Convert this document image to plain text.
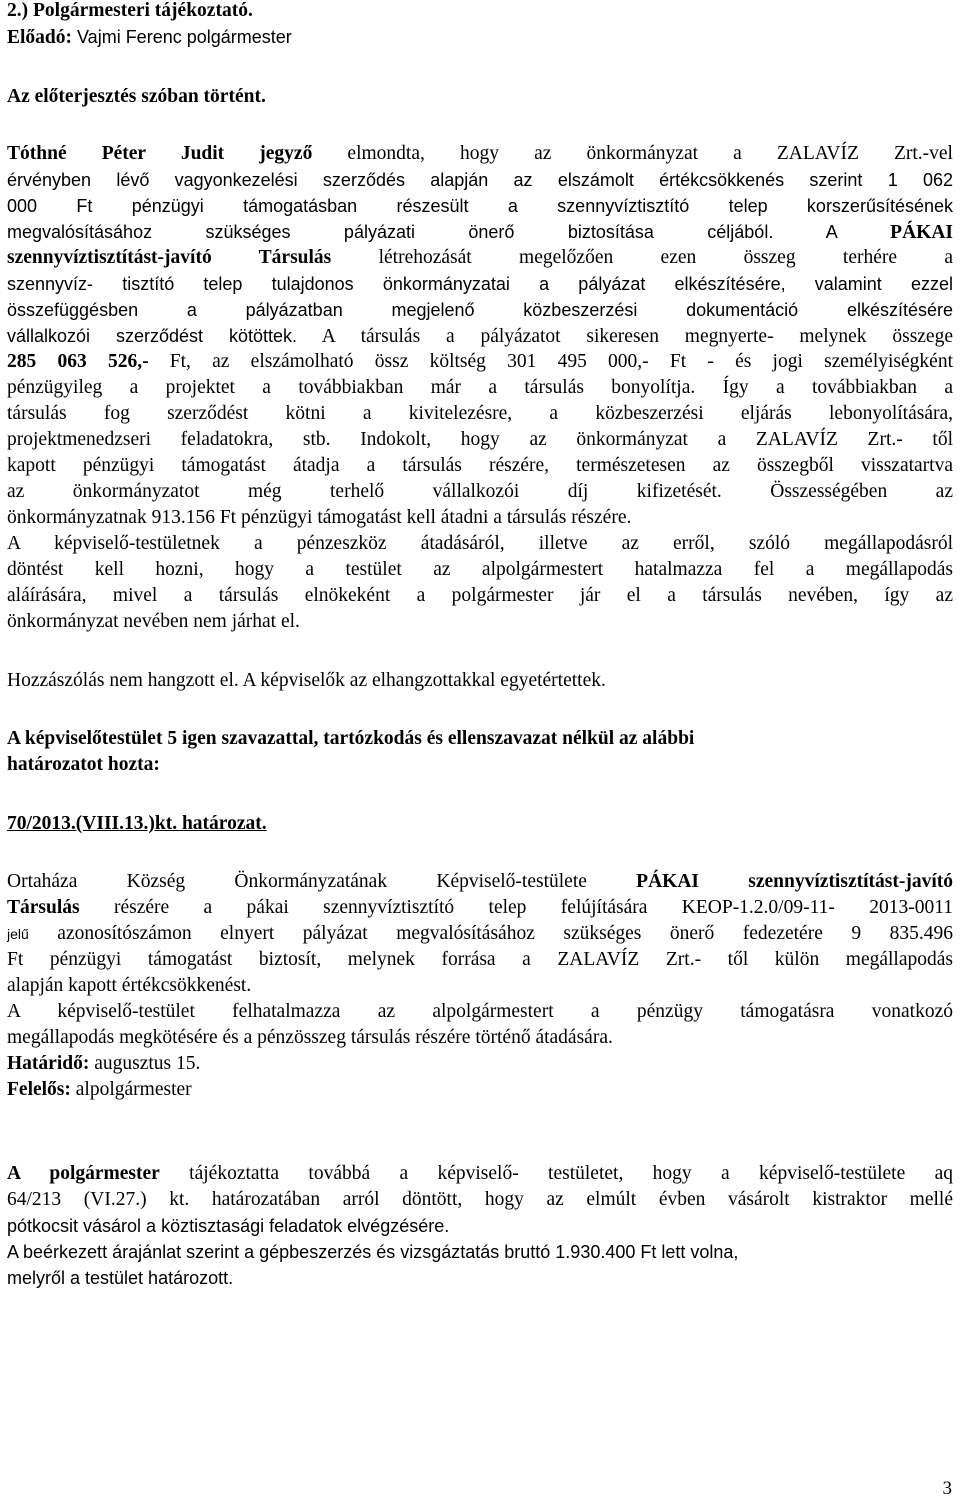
2.) Polgármesteri tájékoztató.
Előadó: Vajmi Ferenc polgármester
Az előterjesztés szóban történt.
Tóthné Péter Judit jegyző elmondta, hogy az önkormányzat a ZALAVÍZ Zrt.-vel
érvényben lévő vagyonkezelési szerződés alapján az elszámolt értékcsökkenés szerint 1 062
000 Ft pénzügyi támogatásban részesült a szennyvíztisztító telep korszerűsítésének
megvalósításához szükséges pályázati önerő biztosítása céljából. A PÁKAI
szennyvíztisztítást-javító Társulás létrehozását megelőzően ezen összeg terhére a
szennyvíz- tisztító telep tulajdonos önkormányzatai a pályázat elkészítésére, valamint ezzel
összefüggésben a pályázatban megjelenő közbeszerzési dokumentáció elkészítésére
vállalkozói szerződést kötöttek. A társulás a pályázatot sikeresen megnyerte- melynek összege
285 063 526,- Ft, az elszámolható össz költség 301 495 000,- Ft - és jogi személyiségként
pénzügyileg a projektet a továbbiakban már a társulás bonyolítja. Így a továbbiakban a
társulás fog szerződést kötni a kivitelezésre, a közbeszerzési eljárás lebonyolítására,
projektmenedzseri feladatokra, stb. Indokolt, hogy az önkormányzat a ZALAVÍZ Zrt.- től
kapott pénzügyi támogatást átadja a társulás részére, természetesen az összegből visszatartva
az önkormányzatot még terhelő vállalkozói díj kifizetését. Összességében az
önkormányzatnak 913.156 Ft pénzügyi támogatást kell átadni a társulás részére.
A képviselő-testületnek a pénzeszköz átadásáról, illetve az erről, szóló megállapodásról
döntést kell hozni, hogy a testület az alpolgármestert hatalmazza fel a megállapodás
aláírására, mivel a társulás elnökeként a polgármester jár el a társulás nevében, így az
önkormányzat nevében nem járhat el.
Hozzászólás nem hangzott el. A képviselők az elhangzottakkal egyetértettek.
A képviselőtestület 5 igen szavazattal, tartózkodás és ellenszavazat nélkül az alábbi
határozatot hozta:
70/2013.(VIII.13.)kt. határozat.
Ortaháza Község Önkormányzatának Képviselő-testülete PÁKAI szennyvíztisztítást-javító
Társulás részére a pákai szennyvíztisztító telep felújítására KEOP-1.2.0/09-11- 2013-0011
jelű azonosítószámon elnyert pályázat megvalósításához szükséges önerő fedezetére 9 835.496
Ft pénzügyi támogatást biztosít, melynek forrása a ZALAVÍZ Zrt.- től külön megállapodás
alapján kapott értékcsökkenést.
A képviselő-testület felhatalmazza az alpolgármestert a pénzügy támogatásra vonatkozó
megállapodás megkötésére és a pénzösszeg társulás részére történő átadására.
Határidő: augusztus 15.
Felelős: alpolgármester
A polgármester tájékoztatta továbbá a képviselő- testületet, hogy a képviselő-testülete aq
64/213 (VI.27.) kt. határozatában arról döntött, hogy az elmúlt évben vásárolt kistraktor mellé
pótkocsit vásárol a köztisztasági feladatok elvégzésére.
A beérkezett árajánlat szerint a gépbeszerzés és vizsgáztatás bruttó 1.930.400 Ft lett volna,
melyről a testület határozott.
3
